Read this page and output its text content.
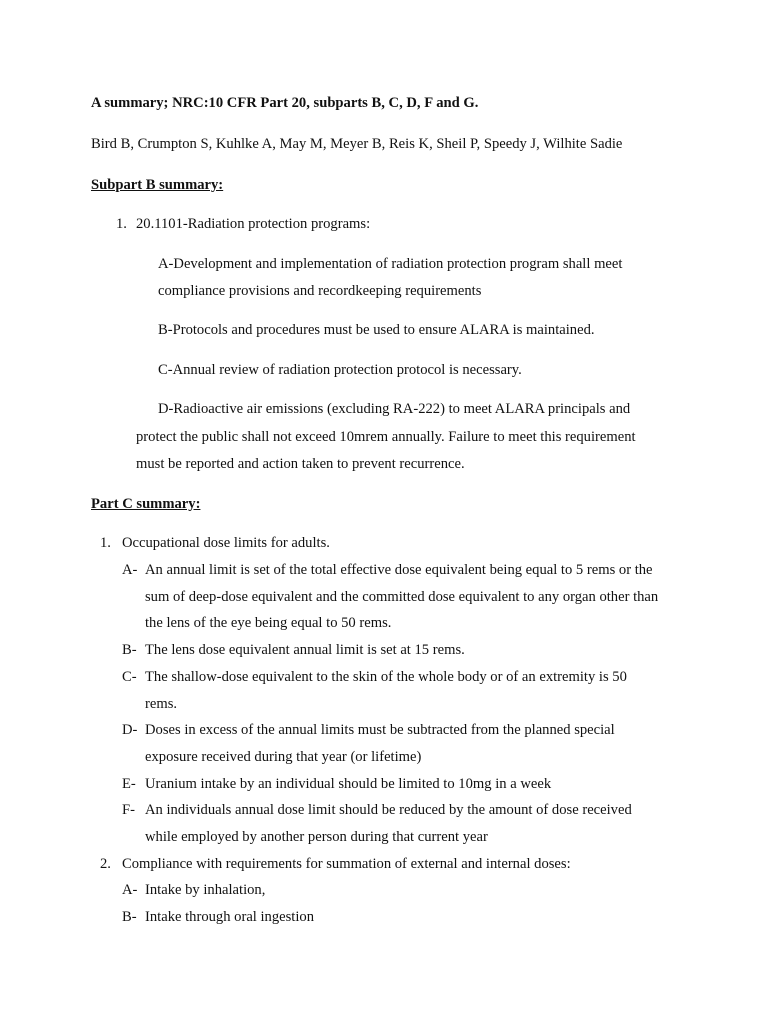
A summary; NRC:10 CFR Part 20, subparts B, C, D, F and G.
Bird B, Crumpton S, Kuhlke A, May M, Meyer B, Reis K, Sheil P, Speedy J, Wilhite Sadie
Subpart B summary:
1. 20.1101-Radiation protection programs:
A-Development and implementation of radiation protection program shall meet
compliance provisions and recordkeeping requirements
B-Protocols and procedures must be used to ensure ALARA is maintained.
C-Annual review of radiation protection protocol is necessary.
D-Radioactive air emissions (excluding RA-222) to meet ALARA principals and
protect the public shall not exceed 10mrem annually. Failure to meet this requirement
must be reported and action taken to prevent recurrence.
Part C summary:
1. Occupational dose limits for adults.
A- An annual limit is set of the total effective dose equivalent being equal to 5 rems or the
sum of deep-dose equivalent and the committed dose equivalent to any organ other than
the lens of the eye being equal to 50 rems.
B- The lens dose equivalent annual limit is set at 15 rems.
C- The shallow-dose equivalent to the skin of the whole body or of an extremity is 50
rems.
D- Doses in excess of the annual limits must be subtracted from the planned special
exposure received during that year (or lifetime)
E- Uranium intake by an individual should be limited to 10mg in a week
F- An individuals annual dose limit should be reduced by the amount of dose received
while employed by another person during that current year
2. Compliance with requirements for summation of external and internal doses:
A- Intake by inhalation,
B- Intake through oral ingestion
